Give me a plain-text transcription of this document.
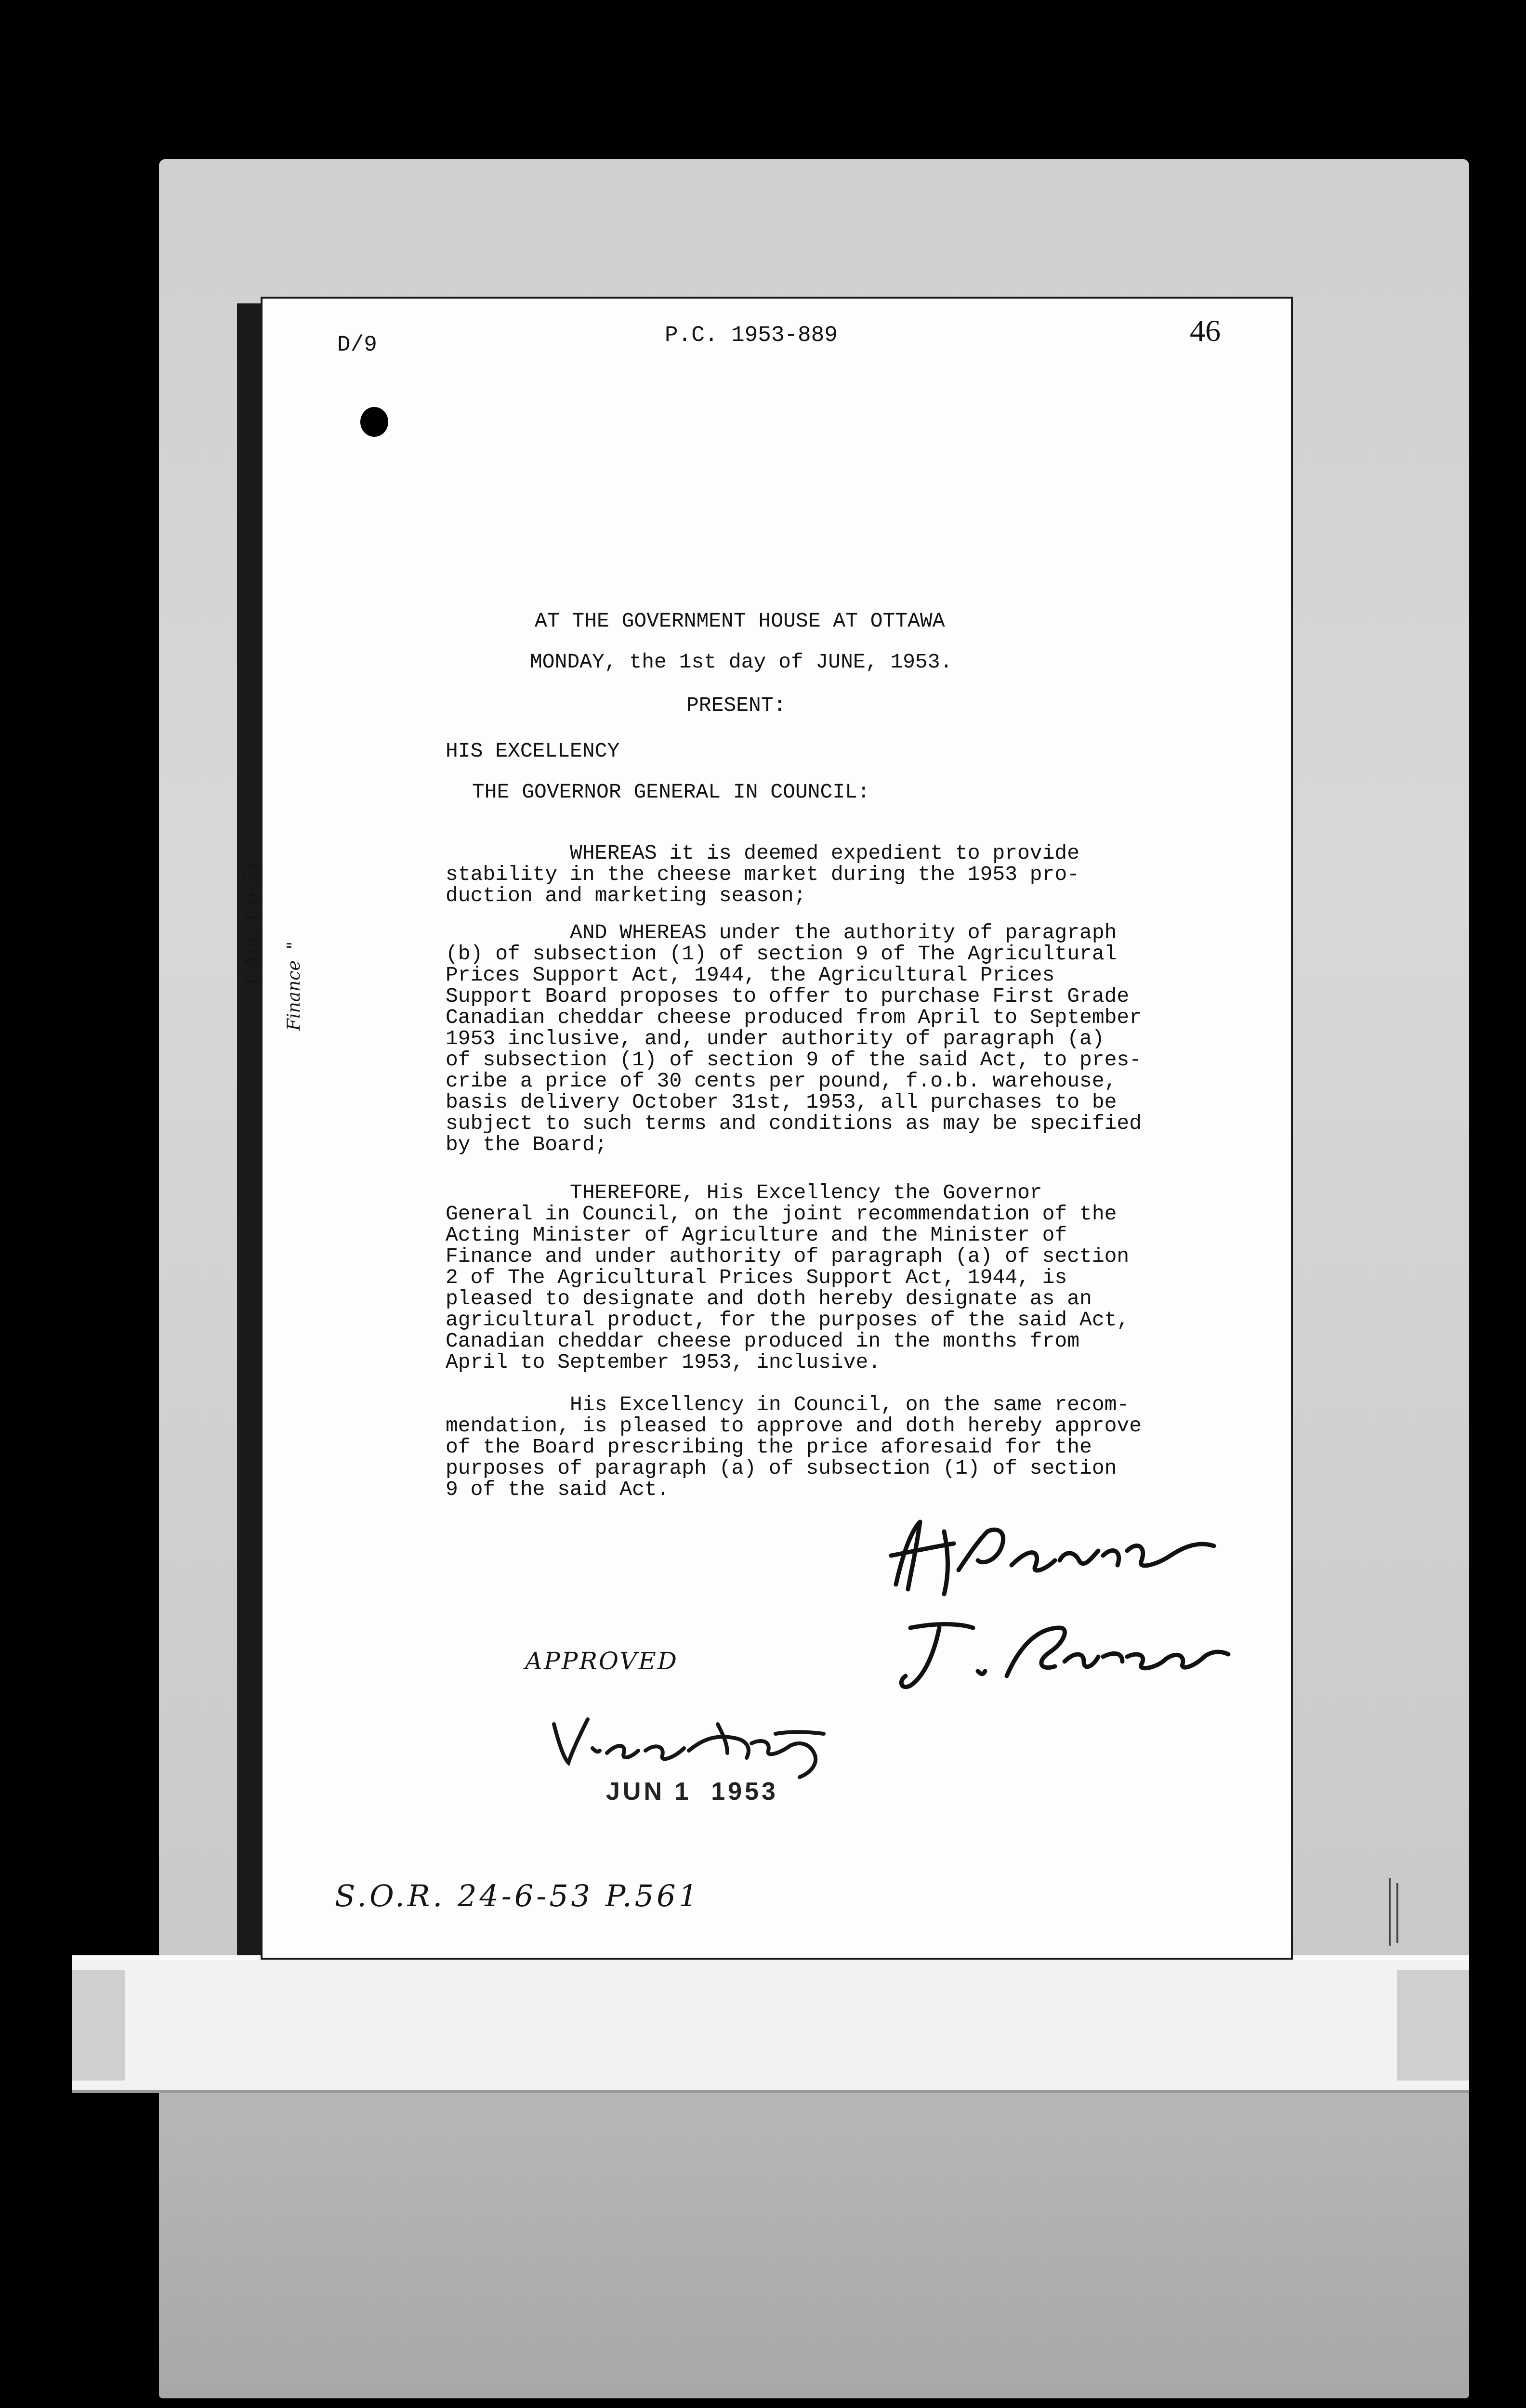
D/9	P.C. 1953-889	46
AT THE GOVERNMENT HOUSE AT OTTAWA
MONDAY, the 1st day of JUNE, 1953.
PRESENT:
HIS EXCELLENCY
THE GOVERNOR GENERAL IN COUNCIL:
WHEREAS it is deemed expedient to provide
stability in the cheese market during the 1953 pro-
duction and marketing season;
AND WHEREAS under the authority of paragraph
(b) of subsection (1) of section 9 of The Agricultural
Prices Support Act, 1944, the Agricultural Prices
Support Board proposes to offer to purchase First Grade
Canadian cheddar cheese produced from April to September
1953 inclusive, and, under authority of paragraph (a)
of subsection (1) of section 9 of the said Act, to pres-
cribe a price of 30 cents per pound, f.o.b. warehouse,
basis delivery October 31st, 1953, all purchases to be
subject to such terms and conditions as may be specified
by the Board;
THEREFORE, His Excellency the Governor
General in Council, on the joint recommendation of the
Acting Minister of Agriculture and the Minister of
Finance and under authority of paragraph (a) of section
2 of The Agricultural Prices Support Act, 1944, is
pleased to designate and doth hereby designate as an
agricultural product, for the purposes of the said Act,
Canadian cheddar cheese produced in the months from
April to September 1953, inclusive.
His Excellency in Council, on the same recom-
mendation, is pleased to approve and doth hereby approve
of the Board prescribing the price aforesaid for the
purposes of paragraph (a) of subsection (1) of section
9 of the said Act.
1 Agr. 1-6-53 Finance  "
APPROVED
JUN 1  1953
S.O.R. 24-6-53 P.561
